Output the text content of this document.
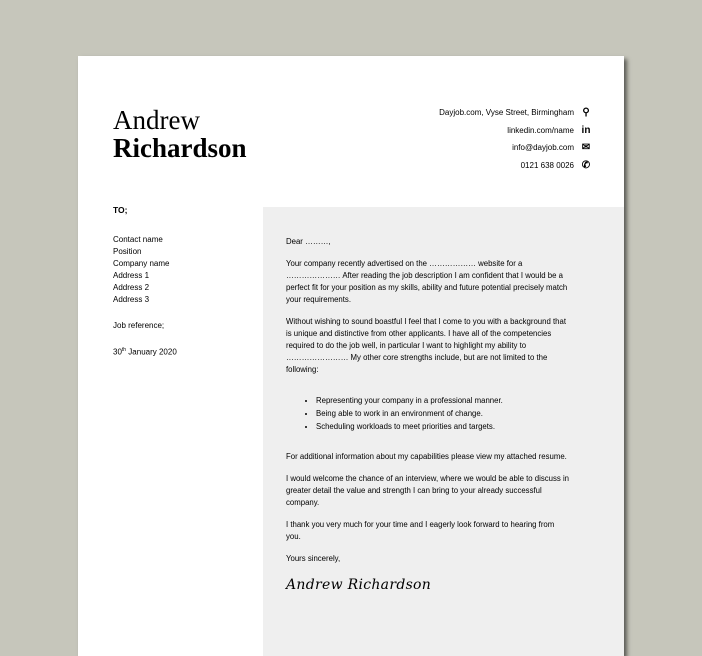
Andrew
Richardson
Dayjob.com, Vyse Street, Birmingham ⚲
linkedin.com/name in
info@dayjob.com ✉
0121 638 0026 ✆
TO;
Contact name
Position
Company name
Address 1
Address 2
Address 3
Job reference;
30th January 2020

Dear ………,

Your company recently advertised on the ……………… website for a ………………… After reading the job description I am confident that I would be a perfect fit for your position as my skills, ability and future potential precisely match your requirements.

Without wishing to sound boastful I feel that I come to you with a background that is unique and distinctive from other applicants. I have all of the competencies required to do the job well, in particular I want to highlight my ability to …………………… My other core strengths include, but are not limited to the following:

• Representing your company in a professional manner.
• Being able to work in an environment of change.
• Scheduling workloads to meet priorities and targets.

For additional information about my capabilities please view my attached resume.

I would welcome the chance of an interview, where we would be able to discuss in greater detail the value and strength I can bring to your already successful company.

I thank you very much for your time and I eagerly look forward to hearing from you.

Yours sincerely,

Andrew Richardson
